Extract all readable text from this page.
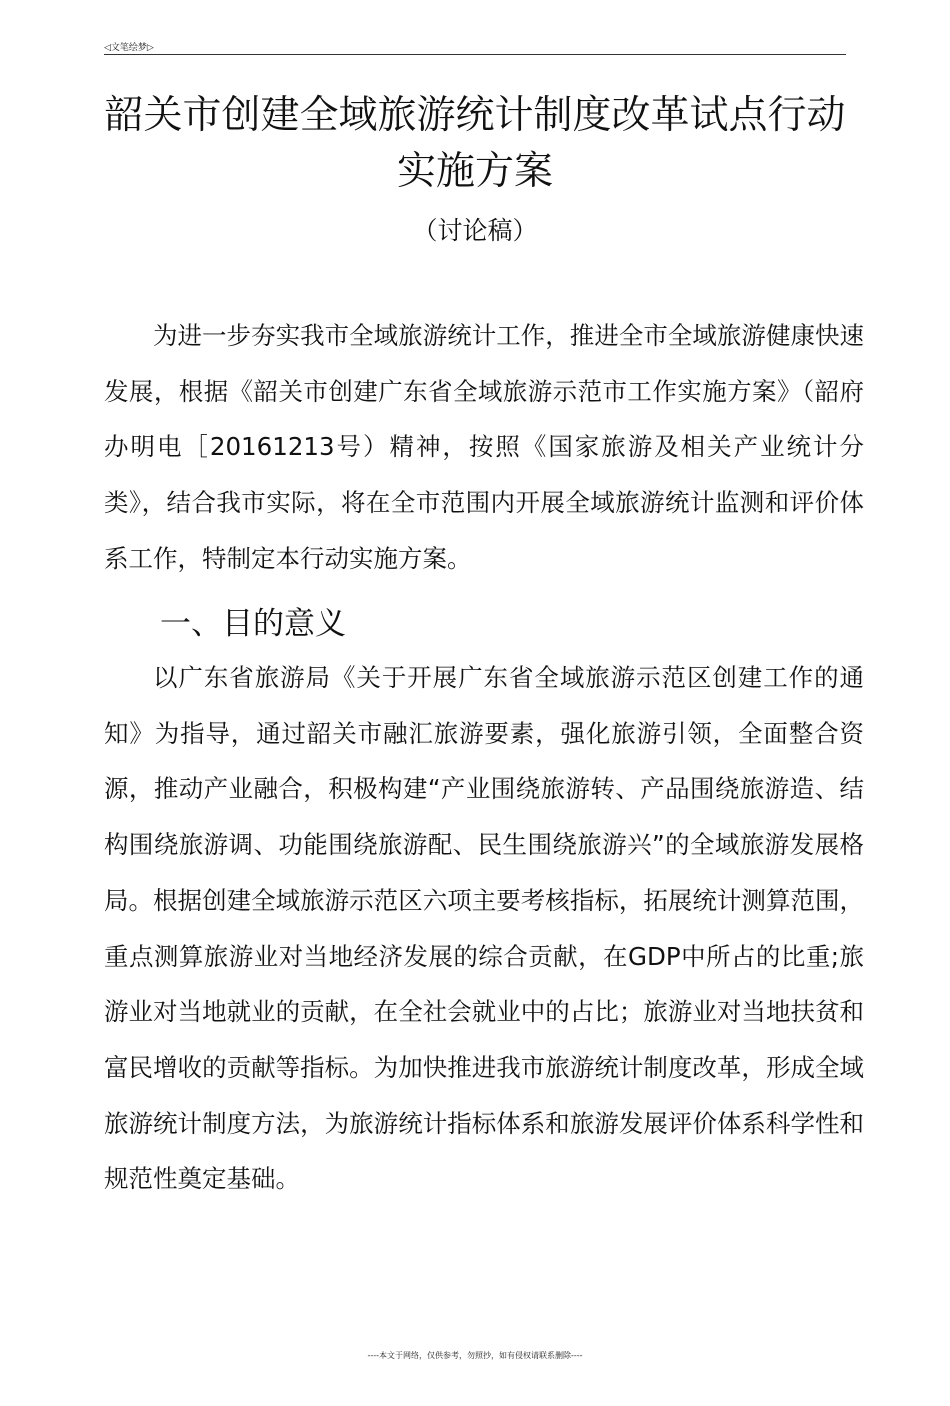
◁文笔绘梦▷
韶关市创建全域旅游统计制度改革试点行动
实施方案
（讨论稿）

为进一步夯实我市全域旅游统计工作，推进全市全域旅游健康快速发展，根据《韶关市创建广东省全域旅游示范市工作实施方案》（韶府办明电［20161213号）精神，按照《国家旅游及相关产业统计分类》，结合我市实际，将在全市范围内开展全域旅游统计监测和评价体系工作，特制定本行动实施方案。

一、目的意义

以广东省旅游局《关于开展广东省全域旅游示范区创建工作的通知》为指导，通过韶关市融汇旅游要素，强化旅游引领，全面整合资源，推动产业融合，积极构建“产业围绕旅游转、产品围绕旅游造、结构围绕旅游调、功能围绕旅游配、民生围绕旅游兴”的全域旅游发展格局。根据创建全域旅游示范区六项主要考核指标，拓展统计测算范围，重点测算旅游业对当地经济发展的综合贡献，在GDP中所占的比重;旅游业对当地就业的贡献，在全社会就业中的占比；旅游业对当地扶贫和富民增收的贡献等指标。为加快推进我市旅游统计制度改革，形成全域旅游统计制度方法，为旅游统计指标体系和旅游发展评价体系科学性和规范性奠定基础。

----本文于网络，仅供参考，勿照抄，如有侵权请联系删除----
